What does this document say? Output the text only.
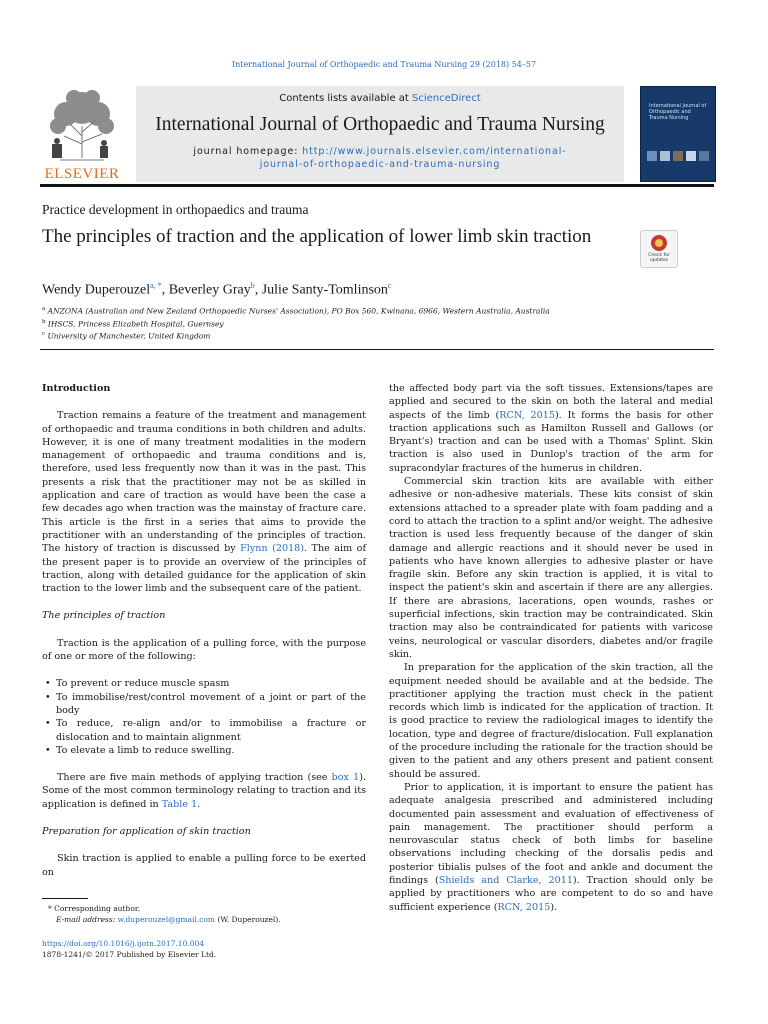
International Journal of Orthopaedic and Trauma Nursing 29 (2018) 54–57
ELSEVIER
Contents lists available at ScienceDirect
International Journal of Orthopaedic and Trauma Nursing
journal homepage: http://www.journals.elsevier.com/international-
journal-of-orthopaedic-and-trauma-nursing
International Journal of Orthopaedic and Trauma Nursing
Practice development in orthopaedics and trauma
The principles of traction and the application of lower limb skin traction
Check for updates
Wendy Duperouzel$^{a, *}$, Beverley Gray$^b$, Julie Santy-Tomlinson$^c$
$^a$ ANZONA (Australian and New Zealand Orthopaedic Nurses' Association), PO Box 560, Kwinana, 6966, Western Australia, Australia
$^b$ IHSCS, Princess Elizabeth Hospital, Guernsey
$^c$ University of Manchester, United Kingdom
Introduction

Traction remains a feature of the treatment and management of orthopaedic and trauma conditions in both children and adults. However, it is one of many treatment modalities in the modern management of orthopaedic and trauma conditions and is, therefore, used less frequently now than it was in the past. This presents a risk that the practitioner may not be as skilled in application and care of traction as would have been the case a few decades ago when traction was the mainstay of fracture care. This article is the first in a series that aims to provide the practitioner with an understanding of the principles of traction. The history of traction is discussed by Flynn (2018). The aim of the present paper is to provide an overview of the principles of traction, along with detailed guidance for the application of skin traction to the lower limb and the subsequent care of the patient.

The principles of traction

Traction is the application of a pulling force, with the purpose of one or more of the following:

• To prevent or reduce muscle spasm
• To immobilise/rest/control movement of a joint or part of the body
• To reduce, re-align and/or to immobilise a fracture or dislocation and to maintain alignment
• To elevate a limb to reduce swelling.

There are five main methods of applying traction (see box 1). Some of the most common terminology relating to traction and its application is defined in Table 1.

Preparation for application of skin traction

Skin traction is applied to enable a pulling force to be exerted on

the affected body part via the soft tissues. Extensions/tapes are applied and secured to the skin on both the lateral and medial aspects of the limb (RCN, 2015). It forms the basis for other traction applications such as Hamilton Russell and Gallows (or Bryant's) traction and can be used with a Thomas' Splint. Skin traction is also used in Dunlop's traction of the arm for supracondylar fractures of the humerus in children.

Commercial skin traction kits are available with either adhesive or non-adhesive materials. These kits consist of skin extensions attached to a spreader plate with foam padding and a cord to attach the traction to a splint and/or weight. The adhesive traction is used less frequently because of the danger of skin damage and allergic reactions and it should never be used in patients who have known allergies to adhesive plaster or have fragile skin. Before any skin traction is applied, it is vital to inspect the patient's skin and ascertain if there are any allergies. If there are abrasions, lacerations, open wounds, rashes or superficial infections, skin traction may be contraindicated. Skin traction may also be contraindicated for patients with varicose veins, neurological or vascular disorders, diabetes and/or fragile skin.

In preparation for the application of the skin traction, all the equipment needed should be available and at the bedside. The practitioner applying the traction must check in the patient records which limb is indicated for the application of traction. It is good practice to review the radiological images to identify the location, type and degree of fracture/dislocation. Full explanation of the procedure including the rationale for the traction should be given to the patient and any others present and patient consent should be assured.

Prior to application, it is important to ensure the patient has adequate analgesia prescribed and administered including documented pain assessment and evaluation of effectiveness of pain management. The practitioner should perform a neurovascular status check of both limbs for baseline observations including checking of the dorsalis pedis and posterior tibialis pulses of the foot and ankle and document the findings (Shields and Clarke, 2011). Traction should only be applied by practitioners who are competent to do so and have sufficient experience (RCN, 2015).

* Corresponding author.
E-mail address: w.duperouzel@gmail.com (W. Duperouzel).
https://doi.org/10.1016/j.ijotn.2017.10.004
1878-1241/© 2017 Published by Elsevier Ltd.
